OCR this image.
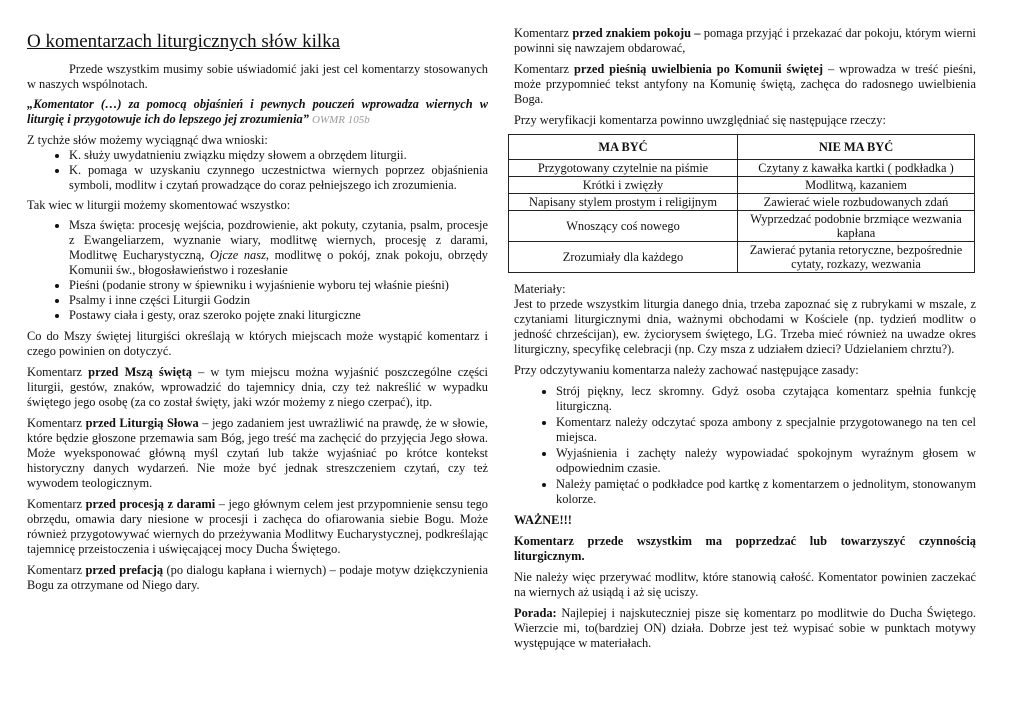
O komentarzach liturgicznych słów kilka

Przede wszystkim musimy sobie uświadomić jaki jest cel komentarzy stosowanych w naszych wspólnotach.

„Komentator (…) za pomocą objaśnień i pewnych pouczeń wprowadza wiernych w liturgię i przygotowuje ich do lepszego jej zrozumienia” OWMR 105b

Z tychże słów możemy wyciągnąć dwa wnioski:

• K. służy uwydatnieniu związku między słowem a obrzędem liturgii.
• K. pomaga w uzyskaniu czynnego uczestnictwa wiernych poprzez objaśnienia symboli, modlitw i czytań prowadzące do coraz pełniejszego ich zrozumienia.

Tak wiec w liturgii możemy skomentować wszystko:

• Msza święta: procesję wejścia, pozdrowienie, akt pokuty, czytania, psalm, procesje z Ewangeliarzem, wyznanie wiary, modlitwę wiernych, procesję z darami, Modlitwę Eucharystyczną, Ojcze nasz, modlitwę o pokój, znak pokoju, obrzędy Komunii św., błogosławieństwo i rozesłanie
• Pieśni (podanie strony w śpiewniku i wyjaśnienie wyboru tej właśnie pieśni)
• Psalmy i inne części Liturgii Godzin
• Postawy ciała i gesty, oraz szeroko pojęte znaki liturgiczne

Co do Mszy świętej liturgiści określają w których miejscach może wystąpić komentarz i czego powinien on dotyczyć.

Komentarz przed Mszą świętą – w tym miejscu można wyjaśnić poszczególne części liturgii, gestów, znaków, wprowadzić do tajemnicy dnia, czy też nakreślić w wypadku świętego jego osobę (za co został święty, jaki wzór możemy z niego czerpać), itp.

Komentarz przed Liturgią Słowa – jego zadaniem jest uwrażliwić na prawdę, że w słowie, które będzie głoszone przemawia sam Bóg, jego treść ma zachęcić do przyjęcia Jego słowa. Może wyeksponować główną myśl czytań lub także wyjaśniać po krótce kontekst historyczny danych wydarzeń. Nie może być jednak streszczeniem czytań, czy też wywodem teologicznym.

Komentarz przed procesją z darami – jego głównym celem jest przypomnienie sensu tego obrzędu, omawia dary niesione w procesji i zachęca do ofiarowania siebie Bogu. Może również przygotowywać wiernych do przeżywania Modlitwy Eucharystycznej, podkreślając tajemnicę przeistoczenia i uświęcającej mocy Ducha Świętego.

Komentarz przed prefacją (po dialogu kapłana i wiernych) – podaje motyw dziękczynienia Bogu za otrzymane od Niego dary.

Komentarz przed znakiem pokoju – pomaga przyjąć i przekazać dar pokoju, którym wierni powinni się nawzajem obdarować,

Komentarz przed pieśnią uwielbienia po Komunii świętej – wprowadza w treść pieśni, może przypomnieć tekst antyfony na Komunię świętą, zachęca do radosnego uwielbienia Boga.

Przy weryfikacji komentarza powinno uwzględniać się następujące rzeczy:

MA BYĆ	NIE MA BYĆ
Przygotowany czytelnie na piśmie	Czytany z kawałka kartki ( podkładka )
Krótki i zwięzły	Modlitwą, kazaniem
Napisany stylem prostym i religijnym	Zawierać wiele rozbudowanych zdań
Wnoszący coś nowego	Wyprzedzać podobnie brzmiące wezwania kapłana
Zrozumiały dla każdego	Zawierać pytania retoryczne, bezpośrednie cytaty, rozkazy, wezwania

Materiały:

Jest to przede wszystkim liturgia danego dnia, trzeba zapoznać się z rubrykami w mszale, z czytaniami liturgicznymi dnia, ważnymi obchodami w Kościele (np. tydzień modlitw o jedność chrześcijan), ew. życiorysem świętego, LG. Trzeba mieć również na uwadze okres liturgiczny, specyfikę celebracji (np. Czy msza z udziałem dzieci? Udzielaniem chrztu?).

Przy odczytywaniu komentarza należy zachować następujące zasady:

• Strój piękny, lecz skromny. Gdyż osoba czytająca komentarz spełnia funkcję liturgiczną.
• Komentarz należy odczytać spoza ambony z specjalnie przygotowanego na ten cel miejsca.
• Wyjaśnienia i zachęty należy wypowiadać spokojnym wyraźnym głosem w odpowiednim czasie.
• Należy pamiętać o podkładce pod kartkę z komentarzem o jednolitym, stonowanym kolorze.

WAŻNE!!!

Komentarz przede wszystkim ma poprzedzać lub towarzyszyć czynnością liturgicznym.

Nie należy więc przerywać modlitw, które stanowią całość. Komentator powinien zaczekać na wiernych aż usiądą i aż się uciszy.

Porada: Najlepiej i najskuteczniej pisze się komentarz po modlitwie do Ducha Świętego. Wierzcie mi, to(bardziej ON) działa. Dobrze jest też wypisać sobie w punktach motywy występujące w materiałach.
